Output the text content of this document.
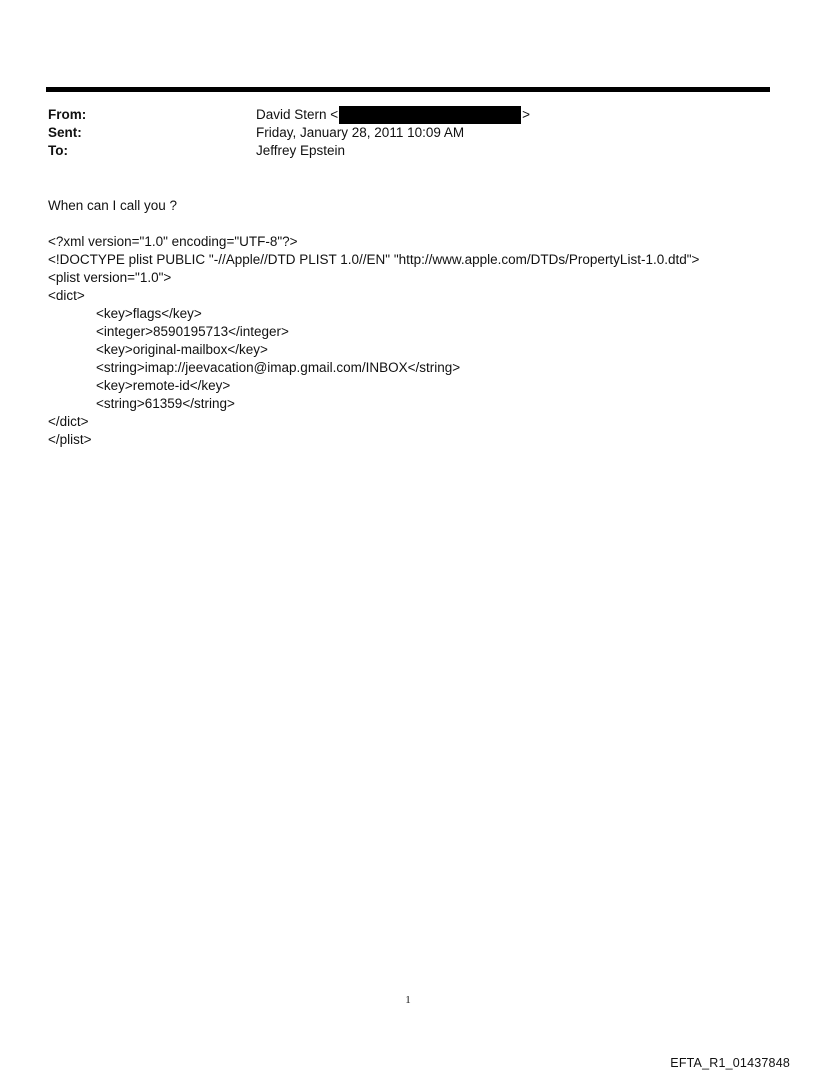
From:	David Stern <	>
Sent:	Friday, January 28, 2011 10:09 AM
To:	Jeffrey Epstein

When can I call you ?

<?xml version="1.0" encoding="UTF-8"?>

<!DOCTYPE plist PUBLIC "-//Apple//DTD PLIST 1.0//EN" "http://www.apple.com/DTDs/PropertyList-1.0.dtd">

<plist version="1.0">

<dict>

<key>flags</key>

<integer>8590195713</integer>

<key>original-mailbox</key>

<string>imap://jeevacation@imap.gmail.com/INBOX</string>

<key>remote-id</key>

<string>61359</string>

</dict>

</plist>

1
EFTA_R1_01437848
